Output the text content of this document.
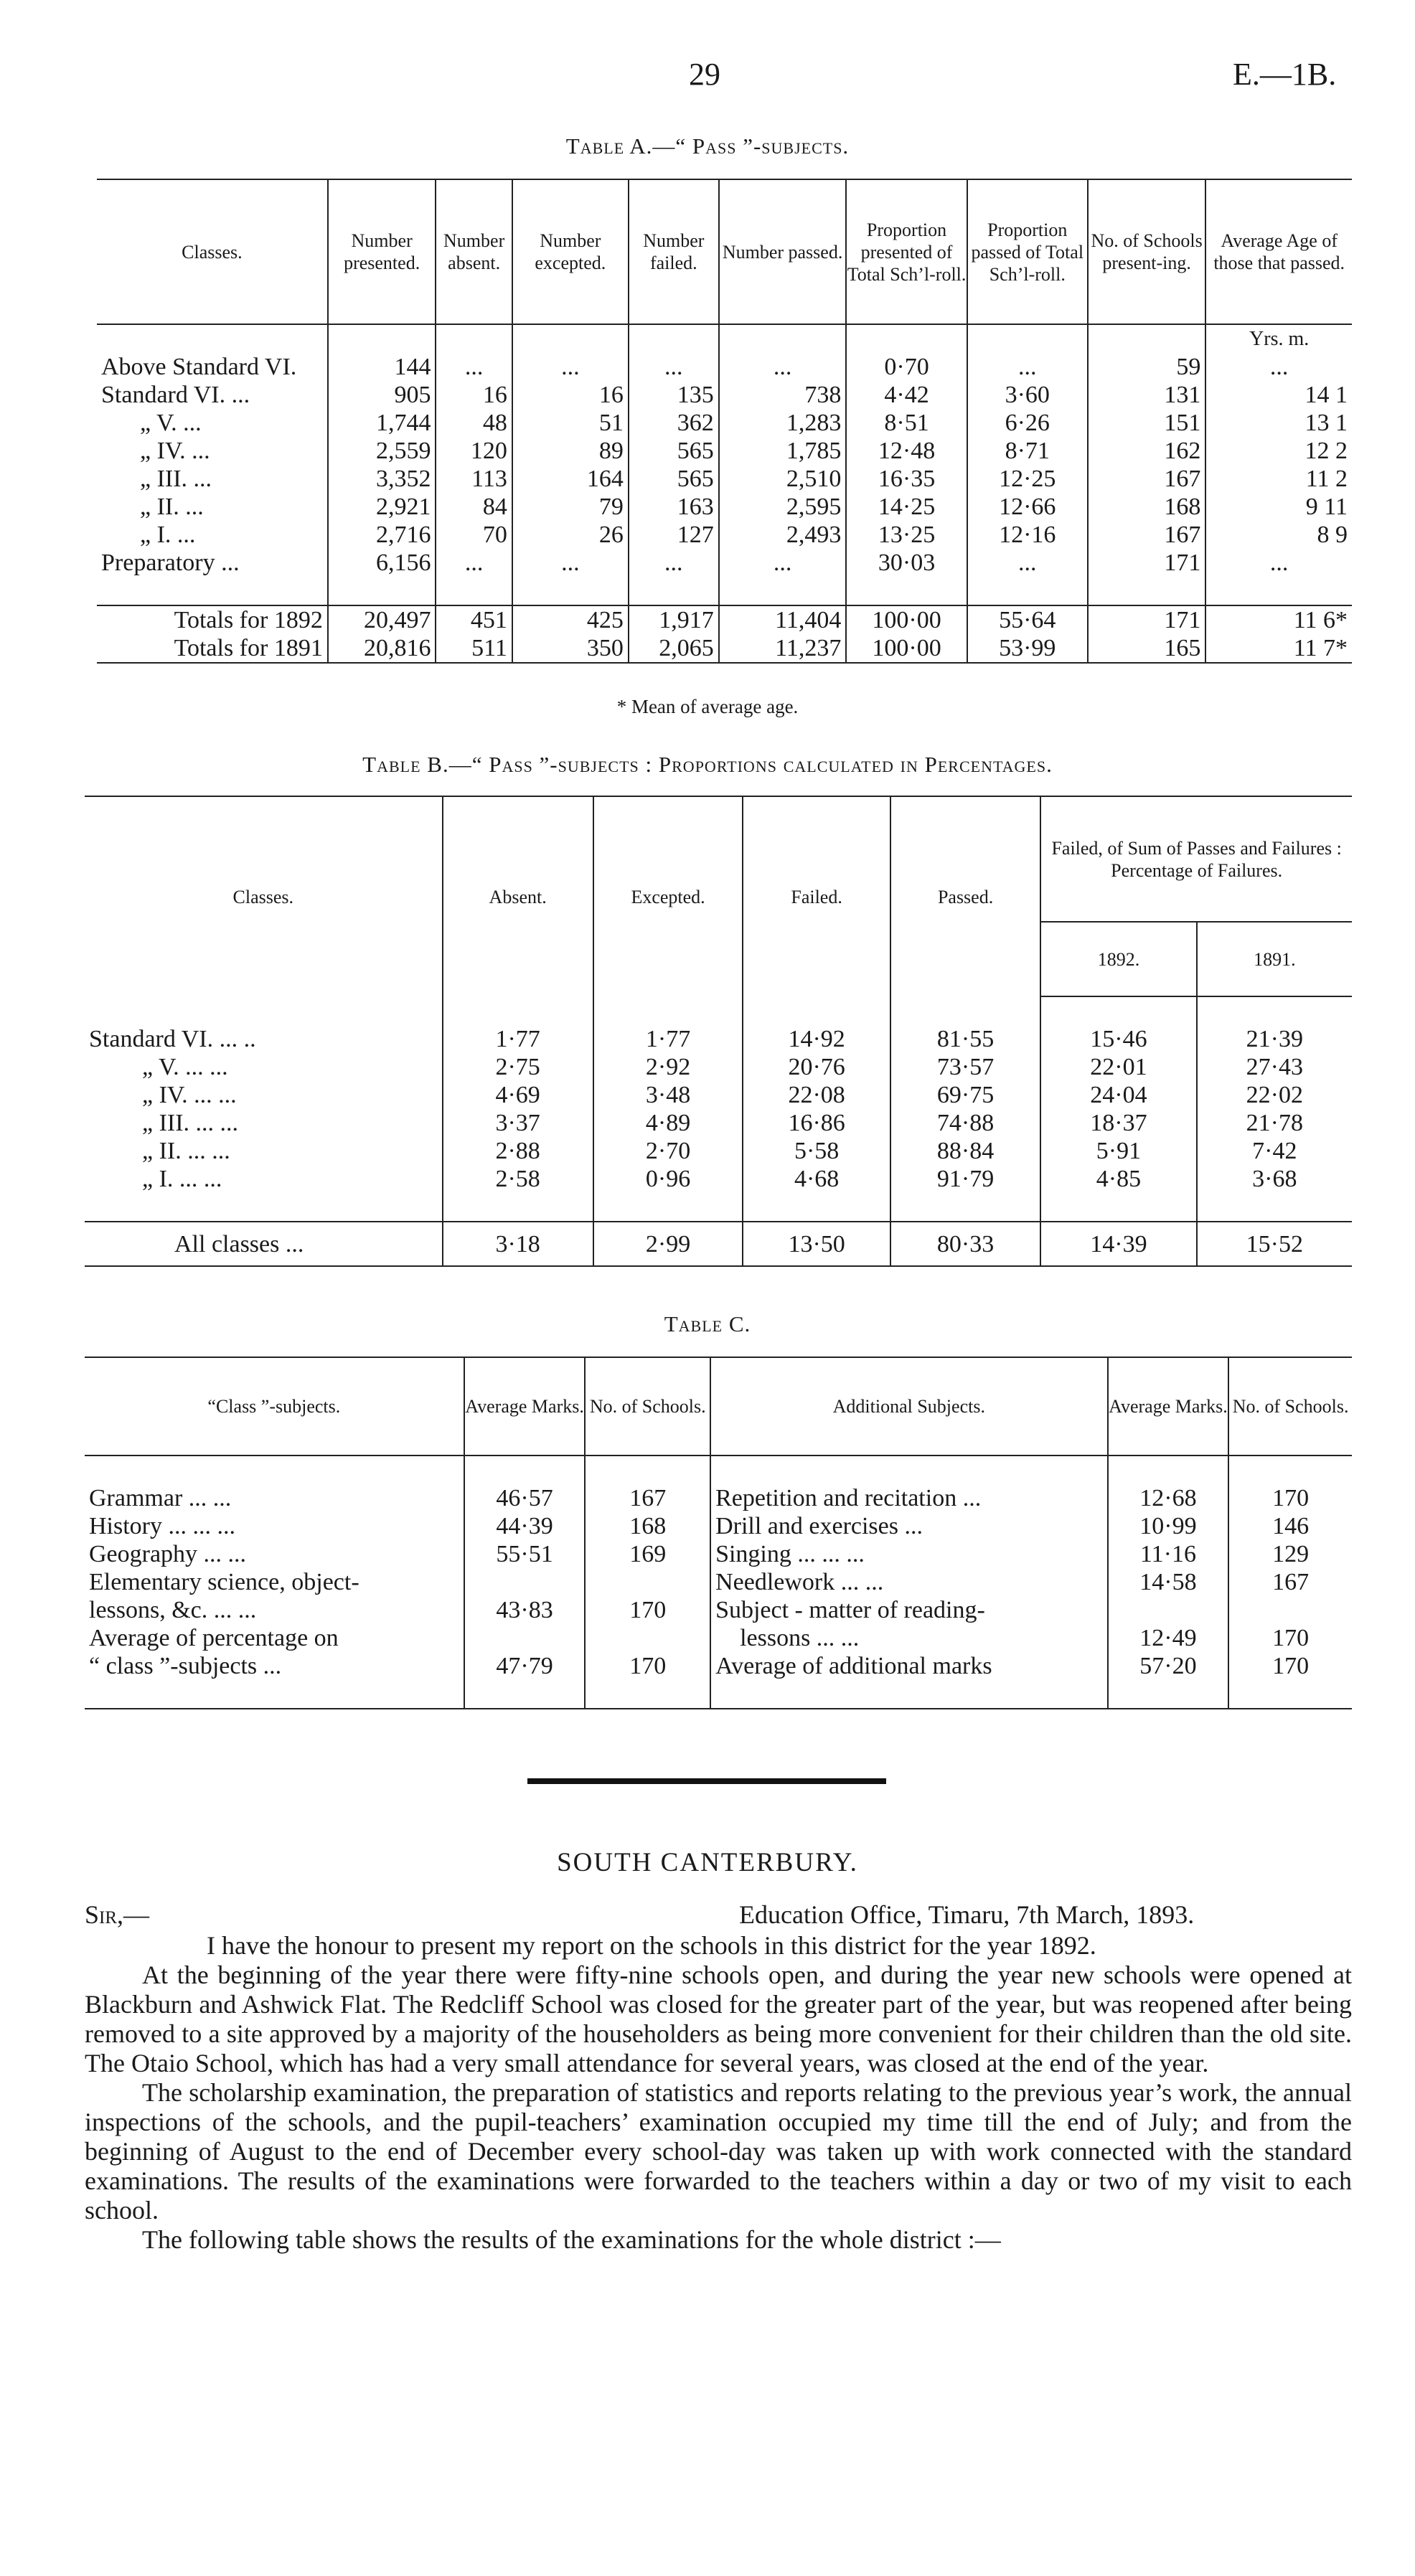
29	E.—1B.
Table A.—“ Pass ”-subjects.
Classes.	Number presented.	Number absent.	Number excepted.	Number failed.	Number passed.	Proportion presented of Total Sch’l-roll.	Proportion passed of Total Sch’l-roll.	No. of Schools present-ing.	Average Age of those that passed.
									Yrs. m.
Above Standard VI.	144	...	...	...	...	0·70	...	59	...
Standard VI. ...	905	16	16	135	738	4·42	3·60	131	14 1
„ V. ...	1,744	48	51	362	1,283	8·51	6·26	151	13 1
„ IV. ...	2,559	120	89	565	1,785	12·48	8·71	162	12 2
„ III. ...	3,352	113	164	565	2,510	16·35	12·25	167	11 2
„ II. ...	2,921	84	79	163	2,595	14·25	12·66	168	9 11
„ I. ...	2,716	70	26	127	2,493	13·25	12·16	167	8 9
Preparatory ...	6,156	...	...	...	...	30·03	...	171	...

Totals for 1892	20,497	451	425	1,917	11,404	100·00	55·64	171	11 6*
Totals for 1891	20,816	511	350	2,065	11,237	100·00	53·99	165	11 7*
* Mean of average age.
Table B.—“ Pass ”-subjects : Proportions calculated in Percentages.
Classes.	Absent.	Excepted.	Failed.	Passed.	Failed, of Sum of Passes and Failures : Percentage of Failures.	
					1892.	1891.

Standard VI. ... ..	1·77	1·77	14·92	81·55	15·46	21·39
„ V. ... ...	2·75	2·92	20·76	73·57	22·01	27·43
„ IV. ... ...	4·69	3·48	22·08	69·75	24·04	22·02
„ III. ... ...	3·37	4·89	16·86	74·88	18·37	21·78
„ II. ... ...	2·88	2·70	5·58	88·84	5·91	7·42
„ I. ... ...	2·58	0·96	4·68	91·79	4·85	3·68

All classes ...	3·18	2·99	13·50	80·33	14·39	15·52
Table C.
“Class ”-subjects.	Average Marks.	No. of Schools.	Additional Subjects.	Average Marks.	No. of Schools.

Grammar ... ...	46·57	167	Repetition and recitation ...	12·68	170
History ... ... ...	44·39	168	Drill and exercises ...	10·99	146
Geography ... ...	55·51	169	Singing ... ... ...	11·16	129
Elementary science, object-			Needlework ... ...	14·58	167
lessons, &c. ... ...	43·83	170	Subject - matter of reading-		
Average of percentage on			lessons ... ...	12·49	170
“ class ”-subjects ...	47·79	170	Average of additional marks	57·20	170

SOUTH CANTERBURY.
Sir,—	Education Office, Timaru, 7th March, 1893.

I have the honour to present my report on the schools in this district for the year 1892.

At the beginning of the year there were fifty-nine schools open, and during the year new schools were opened at Blackburn and Ashwick Flat. The Redcliff School was closed for the greater part of the year, but was reopened after being removed to a site approved by a majority of the householders as being more convenient for their children than the old site. The Otaio School, which has had a very small attendance for several years, was closed at the end of the year.

The scholarship examination, the preparation of statistics and reports relating to the previous year’s work, the annual inspections of the schools, and the pupil-teachers’ examination occupied my time till the end of July; and from the beginning of August to the end of December every school-day was taken up with work connected with the standard examinations. The results of the examinations were forwarded to the teachers within a day or two of my visit to each school.

The following table shows the results of the examinations for the whole district :—
